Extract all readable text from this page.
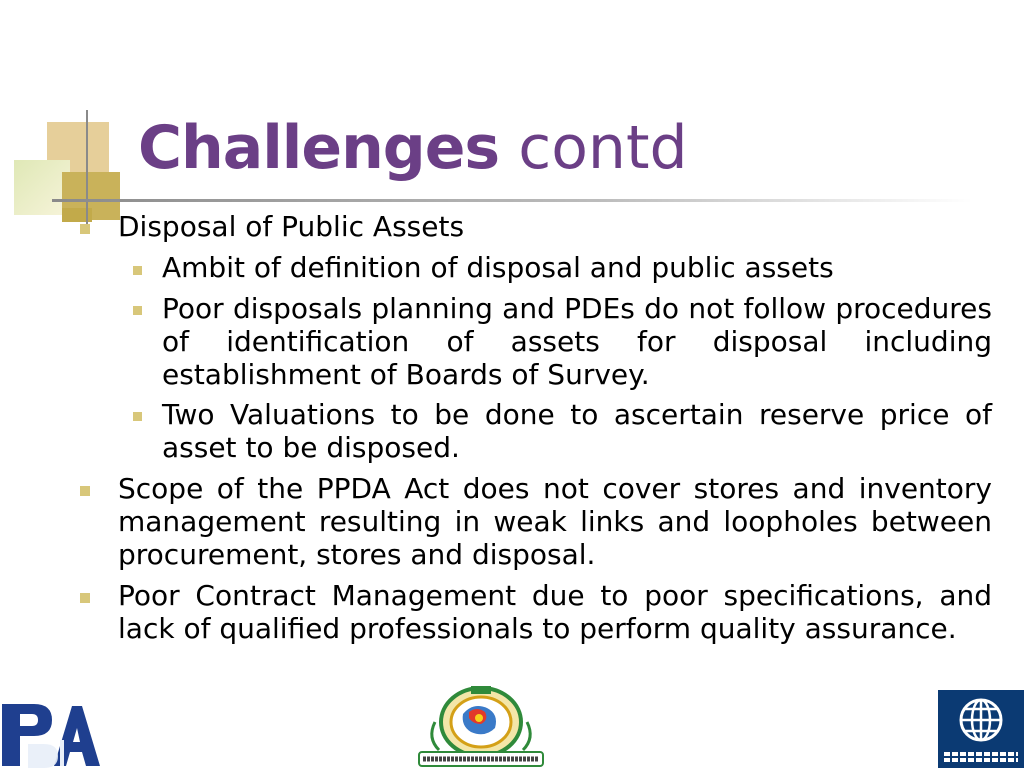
Challenges contd
Disposal of Public Assets
Ambit of definition of disposal and public assets
Poor disposals planning and PDEs do not follow procedures of identification of assets for disposal including establishment of Boards of Survey.
Two Valuations to be done to ascertain reserve price of asset to be disposed.
Scope of the PPDA Act does not cover stores and inventory management resulting in weak links and loopholes between procurement, stores and disposal.
Poor Contract Management due to poor specifications, and lack of qualified professionals to perform quality assurance.
